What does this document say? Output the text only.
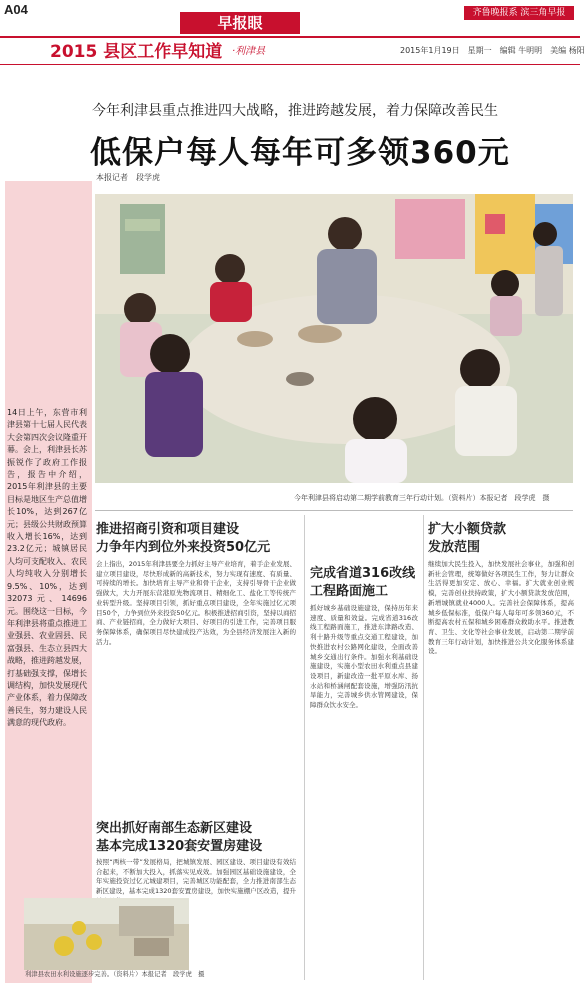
A04
早报眼
齐鲁晚报系 滨三角早报
2015 县区工作早知道 ·利津县	2015年1月19日　星期一　编辑 牛明明　美编 杨阳
今年利津县重点推进四大战略，推进跨越发展，着力保障改善民生
低保户每人每年可多领360元
本报记者　段学虎
14日上午，东营市利津县第十七届人民代表大会第四次会议隆重开幕。会上，利津县长苏振锐作了政府工作报告，报告中介绍，2015年利津县的主要目标是地区生产总值增长10%，达到267亿元；县级公共财政预算收入增长16%，达到23.2亿元；城镇居民人均可支配收入、农民人均纯收入分别增长9.5%、10%，达到32073元、14696元。围绕这一目标，今年利津县将重点推进工业强县、农业固县、民富强县、生态立县四大战略，推进跨越发展，打基础强支撑，保增长调结构，加快发展现代产业体系，着力保障改善民生，努力建设人民满意的现代政府。
今年利津县将启动第二期学前教育三年行动计划。（资料片）本报记者　段学虎　摄
推进招商引资和项目建设
力争年内到位外来投资50亿元
会上指出，2015年利津县要全力抓好主导产业培育，着手企业发展、建立项目建设，尽快形成新的高新技术，努力实现有速度、有质量、可持续的增长。加快培育主导产业和骨干企业，支持引导骨干企业做强做大，大力开展东营港原先物流项目、精细化工、盐化工等传统产业转型升级。坚持项目引领，抓好重点项目建设，全年实施过亿元项目50个，力争到位外来投资50亿元。积极推进招商引资，坚持以商招商、产业链招商，全力做好大项目、好项目的引进工作，完善项目服务保障体系，确保项目尽快建成投产达效，为全县经济发展注入新的活力。
突出抓好南部生态新区建设
基本完成1320套安置房建设
按照“两核一带”发展格局，把城镇发展、园区建设、项目建设有效结合起来，不断加大投入，抓落实见成效。加强园区基础设施建设，全年实施投资过亿元城建项目，完善城区功能配套，全力推进南部生态新区建设，基本完成1320套安置房建设，加快实施棚户区改造，提升
利津县农田水利设施逐步完善。（资料片）本报记者　段学虎　摄
完成省道316改线
工程路面施工
抓好城乡基础设施建设，保持历年来速度、质量和效益。完成省道316改线工程路面施工，推进东津路改造、利十路升级等重点交通工程建设，加快推进农村公路网化建设，全面改善城乡交通出行条件。加强水利基础设施建设，实施小型农田水利重点县建设项目，新建改造一批平原水库、扬水站和桥涵闸配套设施，增强防汛抗旱能力，完善城乡供水管网建设，保障群众饮水安全。
扩大小额贷款
发放范围
继续加大民生投入，加快发展社会事业，加强和创新社会管理，统筹做好各项民生工作，努力让群众生活得更加安定、放心、幸福。扩大就业创业规模，完善创业扶持政策，扩大小额贷款发放范围，新增城镇就业4000人。完善社会保障体系，提高城乡低保标准，低保户每人每年可多领360元，不断提高农村五保和城乡困难群众救助水平。推进教育、卫生、文化等社会事业发展，启动第二期学前教育三年行动计划，加快推进公共文化服务体系建设。
